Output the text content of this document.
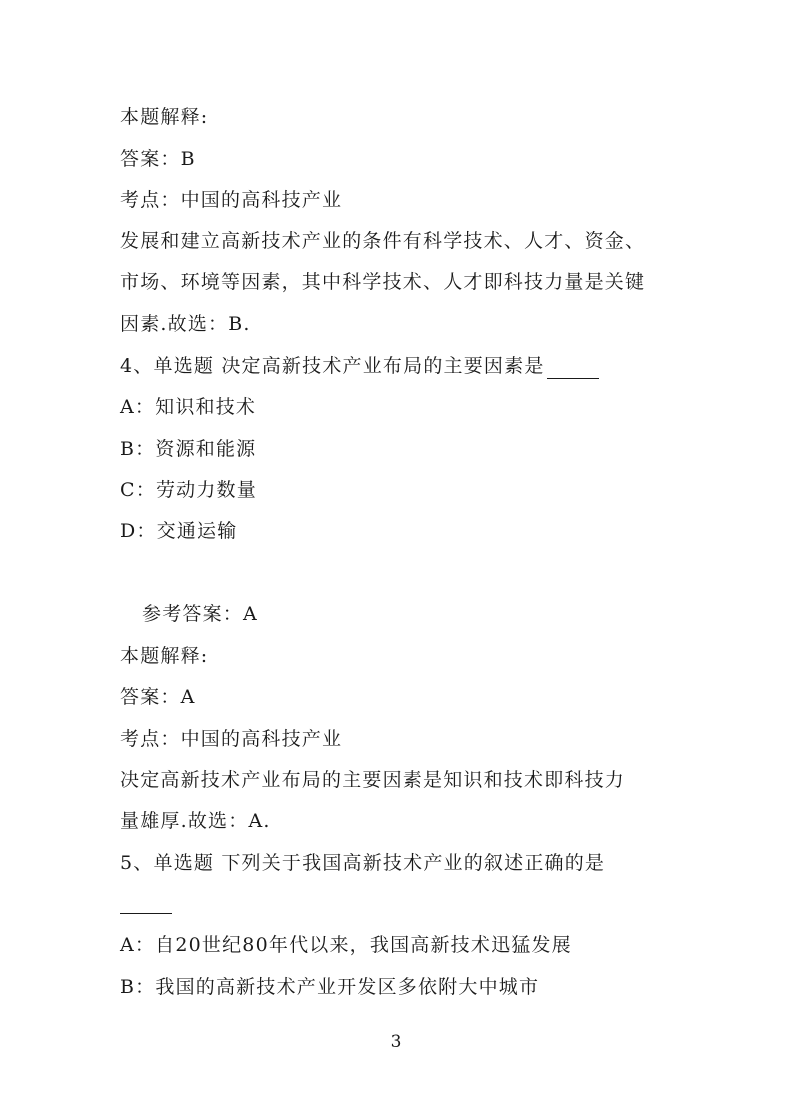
本题解释:
答案：B
考点：中国的高科技产业
发展和建立高新技术产业的条件有科学技术、人才、资金、
市场、环境等因素，其中科学技术、人才即科技力量是关键
因素.故选：B.
4、单选题 决定高新技术产业布局的主要因素是
A：知识和技术
B：资源和能源
C：劳动力数量
D：交通运输
参考答案：A
本题解释:
答案：A
考点：中国的高科技产业
决定高新技术产业布局的主要因素是知识和技术即科技力
量雄厚.故选：A.
5、单选题 下列关于我国高新技术产业的叙述正确的是
A：自20世纪80年代以来，我国高新技术迅猛发展
B：我国的高新技术产业开发区多依附大中城市
3
